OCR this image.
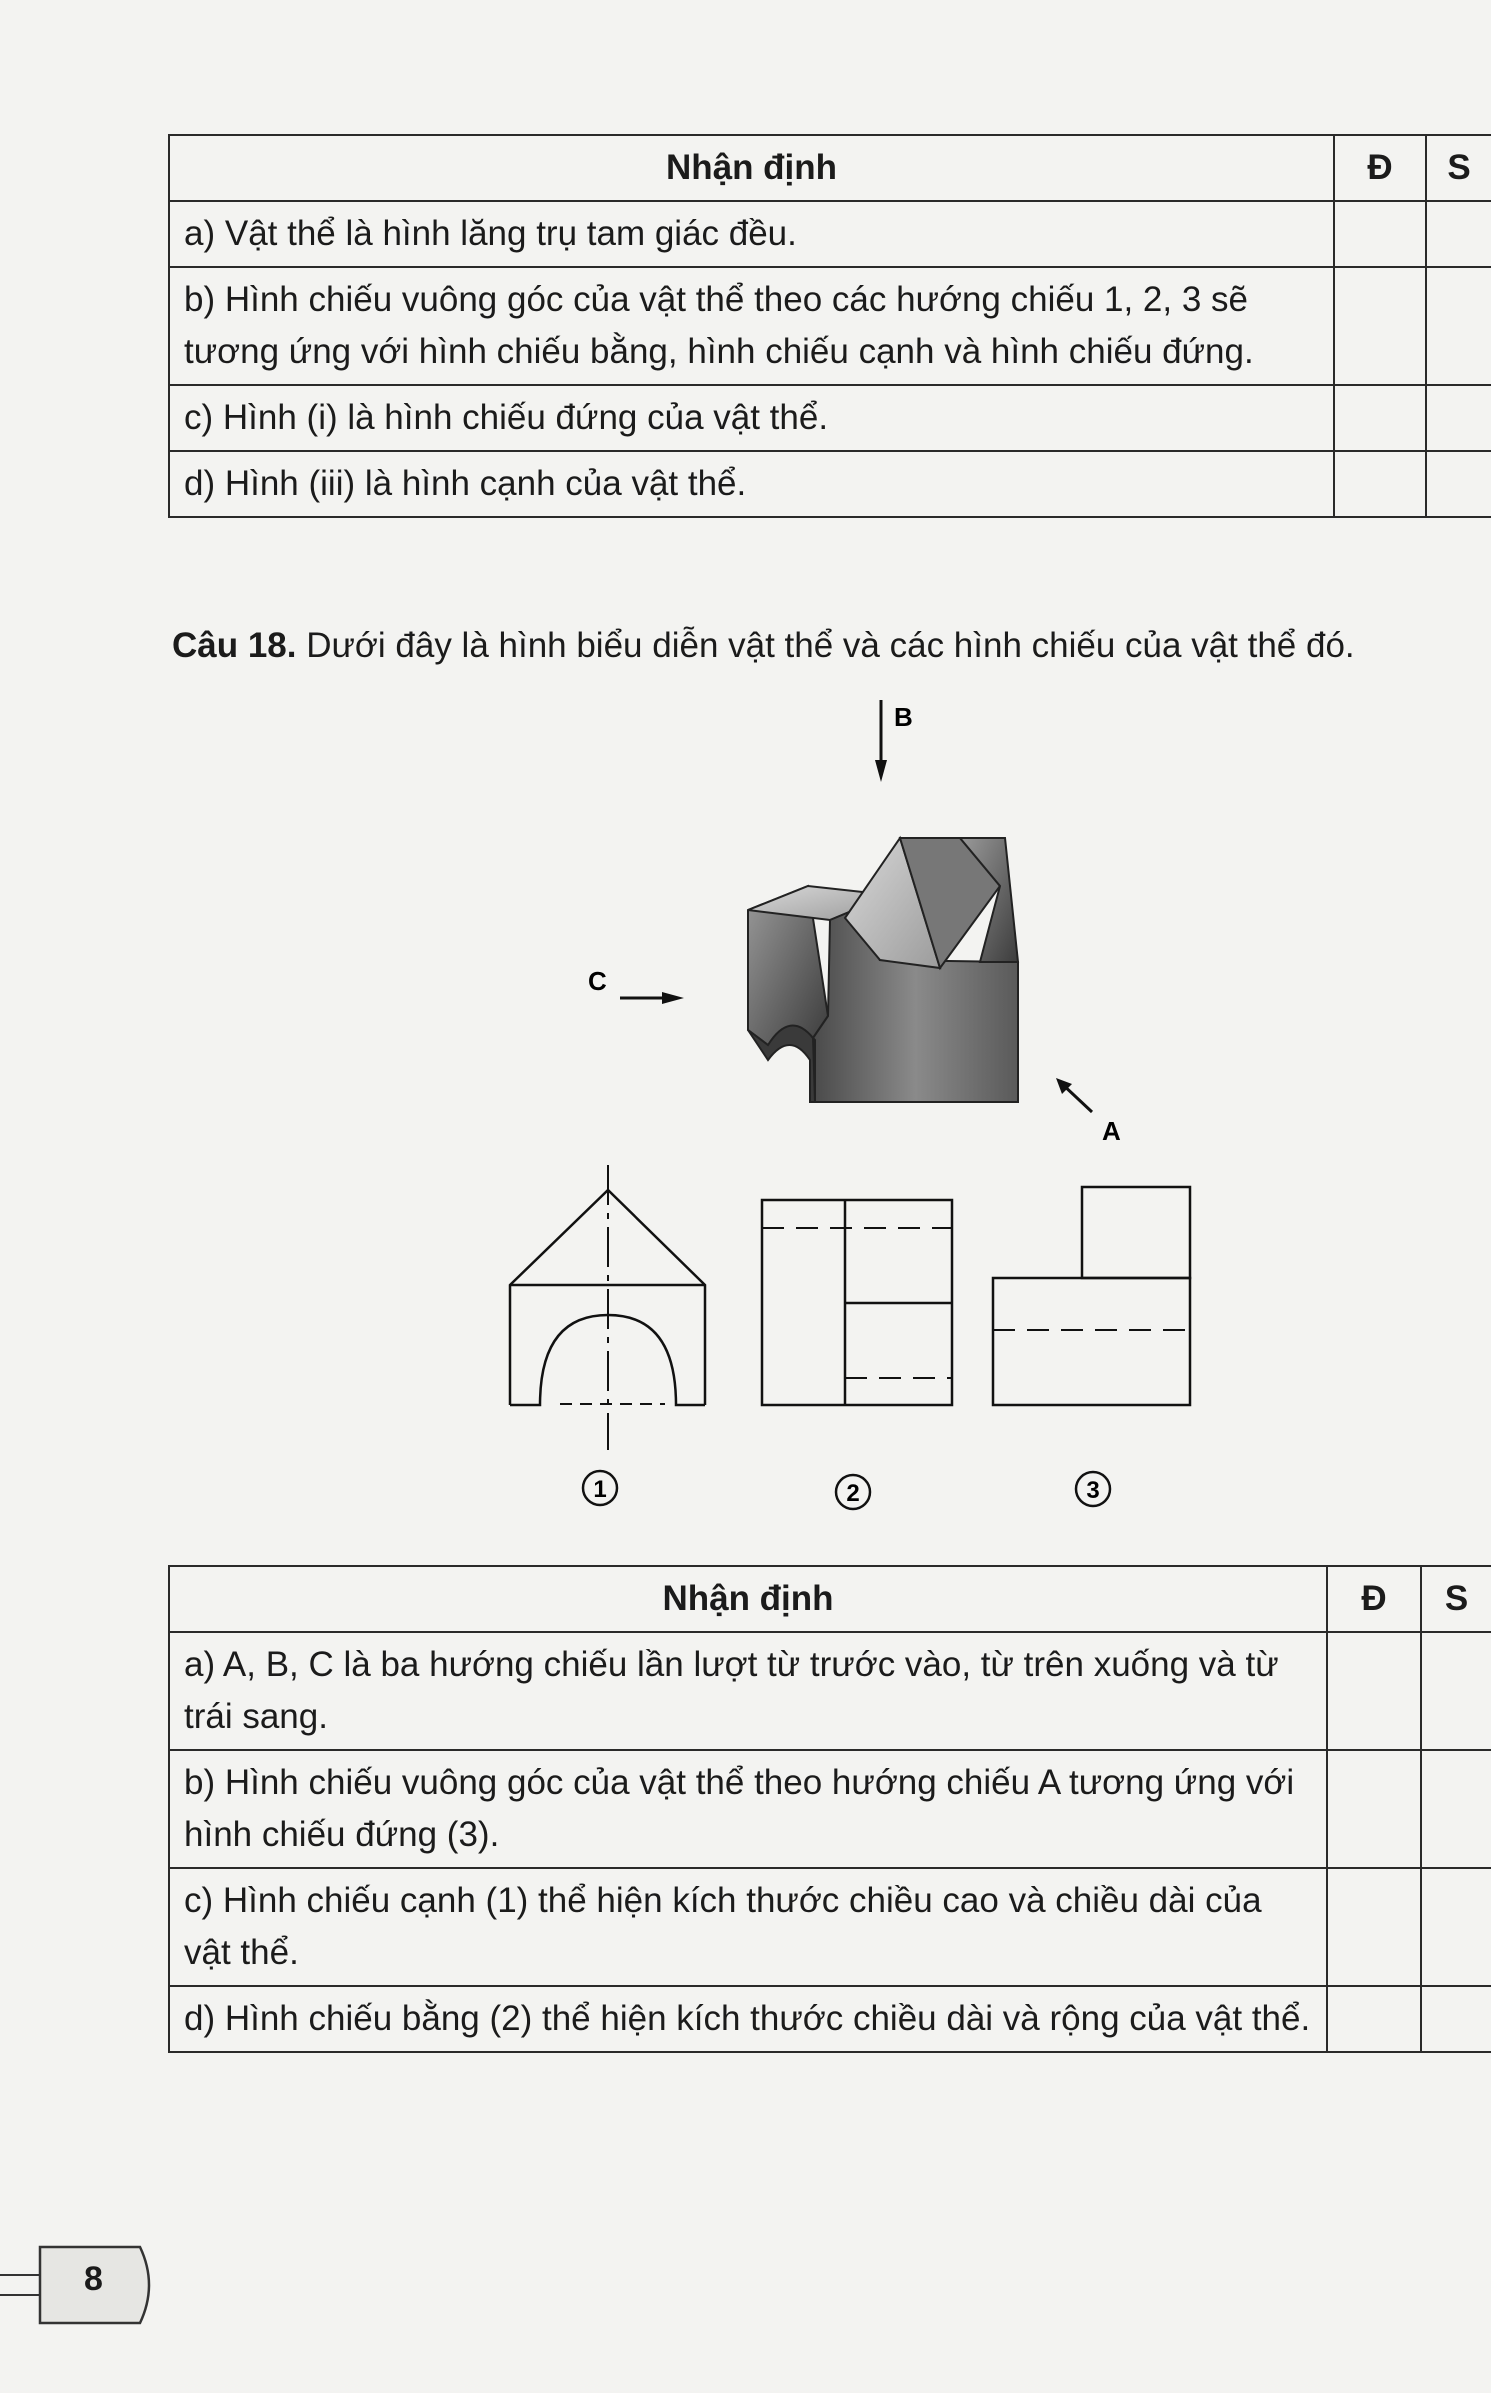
Nhận định	Đ	S
a) Vật thể là hình lăng trụ tam giác đều.		
b) Hình chiếu vuông góc của vật thể theo các hướng chiếu 1, 2, 3 sẽ tương ứng với hình chiếu bằng, hình chiếu cạnh và hình chiếu đứng.		
c) Hình (i) là hình chiếu đứng của vật thể.		
d) Hình (iii) là hình cạnh của vật thể.		
Câu 18. Dưới đây là hình biểu diễn vật thể và các hình chiếu của vật thể đó.
B
C
A
1	2	3
Nhận định	Đ	S
a) A, B, C là ba hướng chiếu lần lượt từ trước vào, từ trên xuống và từ trái sang.		
b) Hình chiếu vuông góc của vật thể theo hướng chiếu A tương ứng với hình chiếu đứng (3).		
c) Hình chiếu cạnh (1) thể hiện kích thước chiều cao và chiều dài của vật thể.		
d) Hình chiếu bằng (2) thể hiện kích thước chiều dài và rộng của vật thể.		
8
